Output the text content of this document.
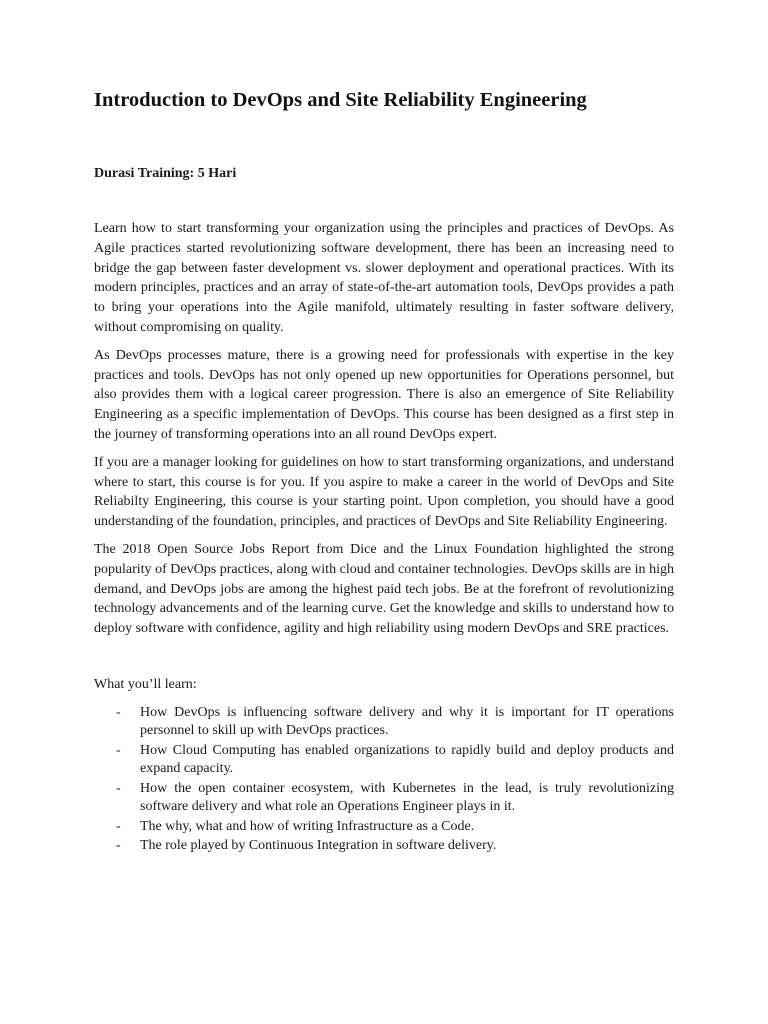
Introduction to DevOps and Site Reliability Engineering

Durasi Training: 5 Hari

Learn how to start transforming your organization using the principles and practices of DevOps. As Agile practices started revolutionizing software development, there has been an increasing need to bridge the gap between faster development vs. slower deployment and operational practices. With its modern principles, practices and an array of state-of-the-art automation tools, DevOps provides a path to bring your operations into the Agile manifold, ultimately resulting in faster software delivery, without compromising on quality.

As DevOps processes mature, there is a growing need for professionals with expertise in the key practices and tools. DevOps has not only opened up new opportunities for Operations personnel, but also provides them with a logical career progression. There is also an emergence of Site Reliability Engineering as a specific implementation of DevOps. This course has been designed as a first step in the journey of transforming operations into an all round DevOps expert.

If you are a manager looking for guidelines on how to start transforming organizations, and understand where to start, this course is for you. If you aspire to make a career in the world of DevOps and Site Reliabilty Engineering, this course is your starting point. Upon completion, you should have a good understanding of the foundation, principles, and practices of DevOps and Site Reliability Engineering.

The 2018 Open Source Jobs Report from Dice and the Linux Foundation highlighted the strong popularity of DevOps practices, along with cloud and container technologies. DevOps skills are in high demand, and DevOps jobs are among the highest paid tech jobs. Be at the forefront of revolutionizing technology advancements and of the learning curve. Get the knowledge and skills to understand how to deploy software with confidence, agility and high reliability using modern DevOps and SRE practices.

What you’ll learn:

- How DevOps is influencing software delivery and why it is important for IT operations personnel to skill up with DevOps practices.
- How Cloud Computing has enabled organizations to rapidly build and deploy products and expand capacity.
- How the open container ecosystem, with Kubernetes in the lead, is truly revolutionizing software delivery and what role an Operations Engineer plays in it.
- The why, what and how of writing Infrastructure as a Code.
- The role played by Continuous Integration in software delivery.
